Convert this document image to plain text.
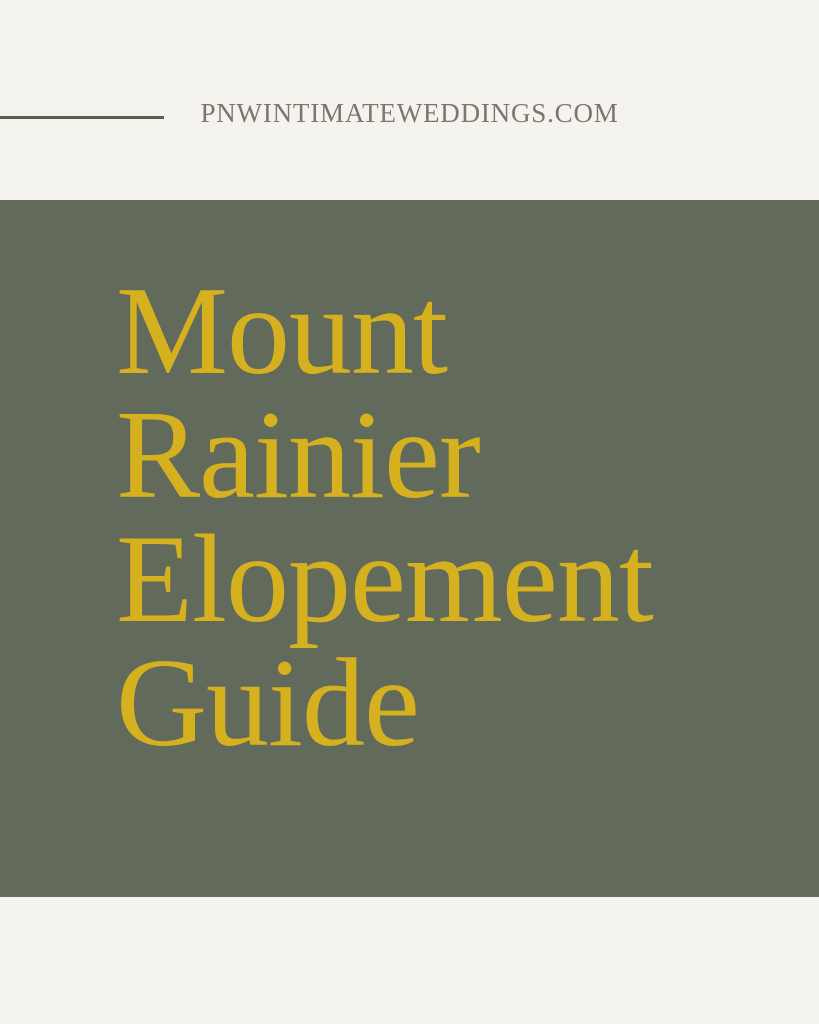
PNWINTIMATEWEDDINGS.COM
Mount
Rainier
Elopement
Guide
